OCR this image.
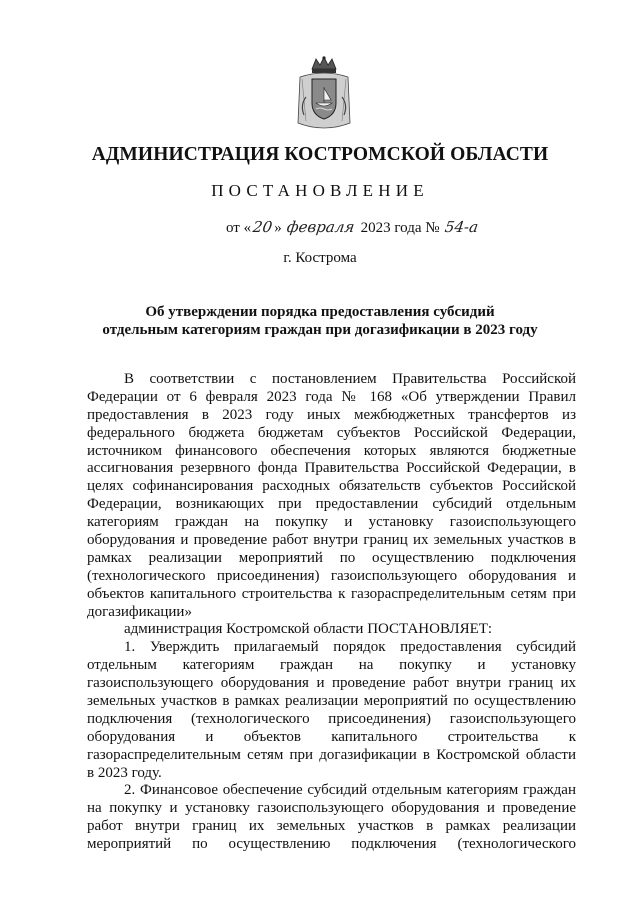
АДМИНИСТРАЦИЯ КОСТРОМСКОЙ ОБЛАСТИ
ПОСТАНОВЛЕНИЕ
от «20» февраля 2023 года № 54-а
г. Кострома
Об утверждении порядка предоставления субсидий
отдельным категориям граждан при догазификации в 2023 году
В соответствии с постановлением Правительства Российской
Федерации от 6 февраля 2023 года № 168 «Об утверждении Правил
предоставления в 2023 году иных межбюджетных трансфертов из
федерального бюджета бюджетам субъектов Российской Федерации,
источником финансового обеспечения которых являются бюджетные
ассигнования резервного фонда Правительства Российской Федерации, в
целях софинансирования расходных обязательств субъектов Российской
Федерации, возникающих при предоставлении субсидий отдельным
категориям граждан на покупку и установку газоиспользующего
оборудования и проведение работ внутри границ их земельных участков в
рамках реализации мероприятий по осуществлению подключения
(технологического присоединения) газоиспользующего оборудования и
объектов капитального строительства к газораспределительным сетям при
догазификации»
администрация Костромской области ПОСТАНОВЛЯЕТ:
1. Уверждить прилагаемый порядок предоставления субсидий
отдельным категориям граждан на покупку и установку
газоиспользующего оборудования и проведение работ внутри границ их
земельных участков в рамках реализации мероприятий по осуществлению
подключения (технологического присоединения) газоиспользующего
оборудования и объектов капитального строительства к
газораспределительным сетям при догазификации в Костромской области
в 2023 году.
2. Финансовое обеспечение субсидий отдельным категориям граждан
на покупку и установку газоиспользующего оборудования и проведение
работ внутри границ их земельных участков в рамках реализации
мероприятий по осуществлению подключения (технологического
